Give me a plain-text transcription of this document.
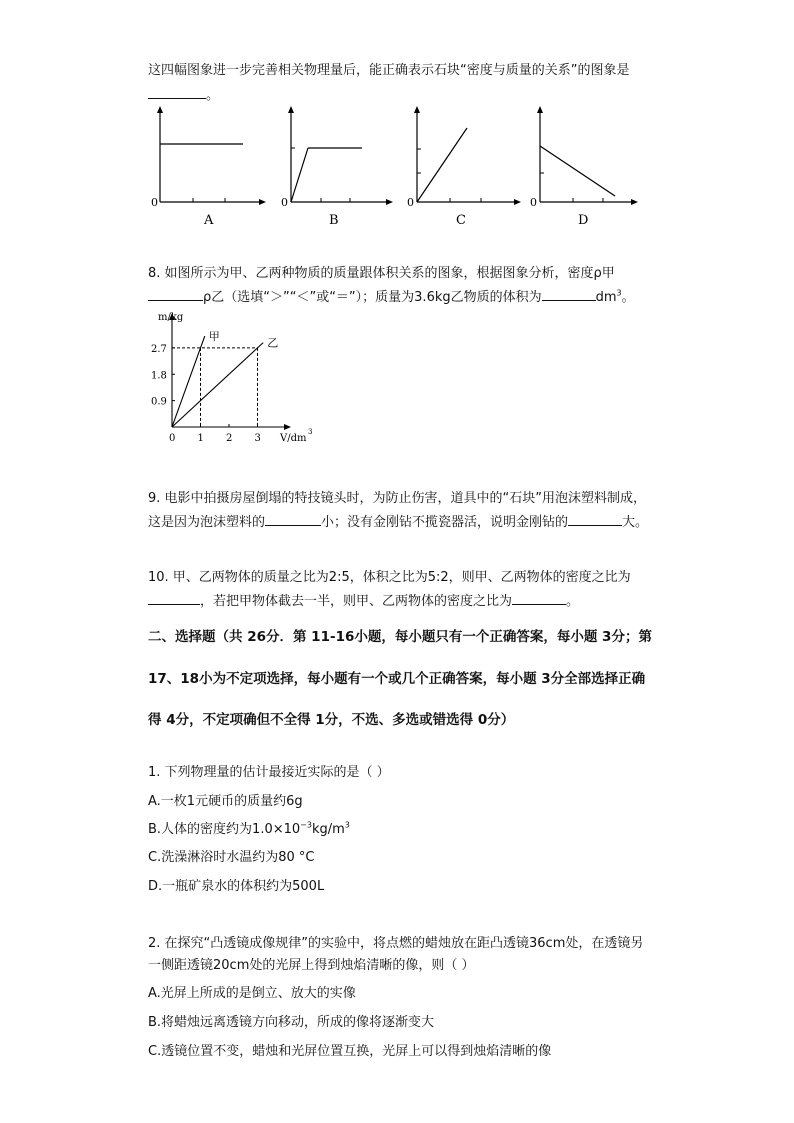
这四幅图象进一步完善相关物理量后，能正确表示石块“密度与质量的关系”的图象是
。
0
A
0
B
0
C
0
D
8. 如图所示为甲、乙两种物质的质量跟体积关系的图象，根据图象分析，密度ρ甲
ρ乙（选填“＞”“＜”或“＝”）；质量为3.6kg乙物质的体积为	$dm^3$。
m/kg
V/dm
3
0 1 2 3
0.9
1.8
2.7
甲
乙
9. 电影中拍摄房屋倒塌的特技镜头时，为防止伤害，道具中的“石块”用泡沫塑料制成，
这是因为泡沫塑料的	小；没有金刚钻不揽瓷器活，说明金刚钻的	大。
10. 甲、乙两物体的质量之比为2:5，体积之比为5:2，则甲、乙两物体的密度之比为
，若把甲物体截去一半，则甲、乙两物体的密度之比为	。
二、选择题（共 26分．第 11-16小题，每小题只有一个正确答案，每小题 3分；第
17、18小为不定项选择，每小题有一个或几个正确答案，每小题 3分全部选择正确
得 4分，不定项确但不全得 1分，不选、多选或错选得 0分）
1. 下列物理量的估计最接近实际的是（ ）
A.一枚1元硬币的质量约6g
B.人体的密度约为$1.0\times 10^{-3}kg/m^3$
C.洗澡淋浴时水温约为80 °C
D.一瓶矿泉水的体积约为500L
2. 在探究“凸透镜成像规律”的实验中，将点燃的蜡烛放在距凸透镜36cm处，在透镜另
一侧距透镜20cm处的光屏上得到烛焰清晰的像，则（ ）
A.光屏上所成的是倒立、放大的实像
B.将蜡烛远离透镜方向移动，所成的像将逐渐变大
C.透镜位置不变，蜡烛和光屏位置互换，光屏上可以得到烛焰清晰的像
